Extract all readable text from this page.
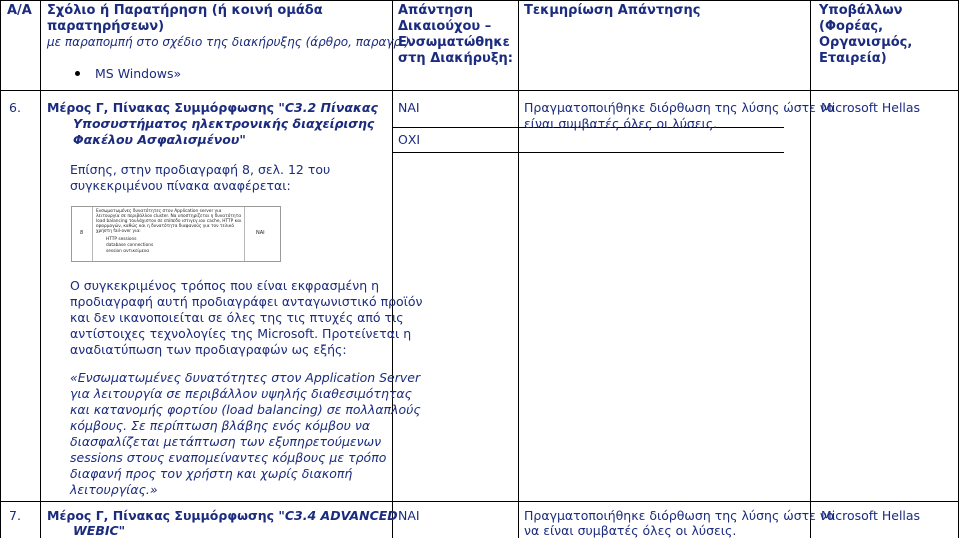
A/A Σχόλιο ή Παρατήρηση (ή κοινή ομάδα
παρατηρήσεων)
με παραπομπή στο σχέδιο της διακήρυξης (άρθρο, παραγρ.)
Απάντηση
Δικαιούχου –
Ενσωματώθηκε
στη Διακήρυξη:
Τεκμηρίωση Απάντησης	Υποβάλλων
(Φορέας,
Οργανισμός,
Εταιρεία)
MS Windows»
6. Μέρος Γ, Πίνακας Συμμόρφωσης "C3.2 Πίνακας
Υποσυστήματος ηλεκτρονικής διαχείρισης
Φακέλου Ασφαλισμένου"
ΝΑΙ
ΟΧΙ
Πραγματοποιήθηκε διόρθωση της λύσης ώστε να
είναι συμβατές όλες οι λύσεις.
Microsoft Hellas
Επίσης, στην προδιαγραφή 8, σελ. 12 του
συγκεκριμένου πίνακα αναφέρεται:
8
Ενσωματωμένες δυνατότητες στον Application server για
λειτουργία σε περιβάλλον cluster. Να υποστηρίζεται η δυνατότητα
load balancing τουλάχιστον σε επίπεδο ιστιγεγ.ιου cache, HTTP και
εφαρμογών, καθώς και η δυνατότητα διαφανούς για τον τελικό
χρήστη fail-over για:
HTTP sessions
database connections
session αντικείμενα
ΝΑΙ
Ο συγκεκριμένος τρόπος που είναι εκφρασμένη η
προδιαγραφή αυτή προδιαγράφει ανταγωνιστικό προϊόν
και δεν ικανοποιείται σε όλες της τις πτυχές από τις
αντίστοιχες τεχνολογίες της Microsoft. Προτείνεται η
αναδιατύπωση των προδιαγραφών ως εξής:
«Ενσωματωμένες δυνατότητες στον Application Server
για λειτουργία σε περιβάλλον υψηλής διαθεσιμότητας
και κατανομής φορτίου (load balancing) σε πολλαπλούς
κόμβους. Σε περίπτωση βλάβης ενός κόμβου να
διασφαλίζεται μετάπτωση των εξυπηρετούμενων
sessions στους εναπομείναντες κόμβους με τρόπο
διαφανή προς τον χρήστη και χωρίς διακοπή
λειτουργίας.»
7. Μέρος Γ, Πίνακας Συμμόρφωσης "C3.4 ADVANCED
WEBIC"
ΝΑΙ	Πραγματοποιήθηκε διόρθωση της λύσης ώστε να
να είναι συμβατές όλες οι λύσεις.
Microsoft Hellas
